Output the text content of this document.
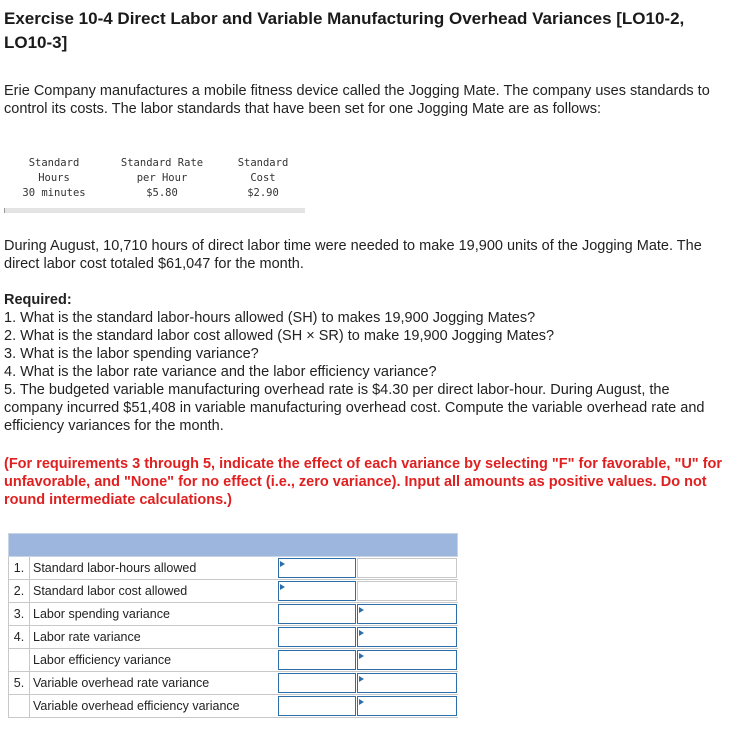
Exercise 10-4 Direct Labor and Variable Manufacturing Overhead Variances [LO10-2, LO10-3]
Erie Company manufactures a mobile fitness device called the Jogging Mate. The company uses standards to control its costs. The labor standards that have been set for one Jogging Mate are as follows:
Standard
Hours
30 minutes
Standard Rate
per Hour
$5.80
Standard
Cost
$2.90
During August, 10,710 hours of direct labor time were needed to make 19,900 units of the Jogging Mate. The direct labor cost totaled $61,047 for the month.
Required:
1. What is the standard labor-hours allowed (SH) to makes 19,900 Jogging Mates?
2. What is the standard labor cost allowed (SH × SR) to make 19,900 Jogging Mates?
3. What is the labor spending variance?
4. What is the labor rate variance and the labor efficiency variance?
5. The budgeted variable manufacturing overhead rate is $4.30 per direct labor-hour. During August, the company incurred $51,408 in variable manufacturing overhead cost. Compute the variable overhead rate and efficiency variances for the month.
(For requirements 3 through 5, indicate the effect of each variance by selecting "F" for favorable, "U" for unfavorable, and "None" for no effect (i.e., zero variance). Input all amounts as positive values. Do not round intermediate calculations.)
1. Standard labor-hours allowed
2. Standard labor cost allowed
3. Labor spending variance
4. Labor rate variance
Labor efficiency variance
5. Variable overhead rate variance
Variable overhead efficiency variance
